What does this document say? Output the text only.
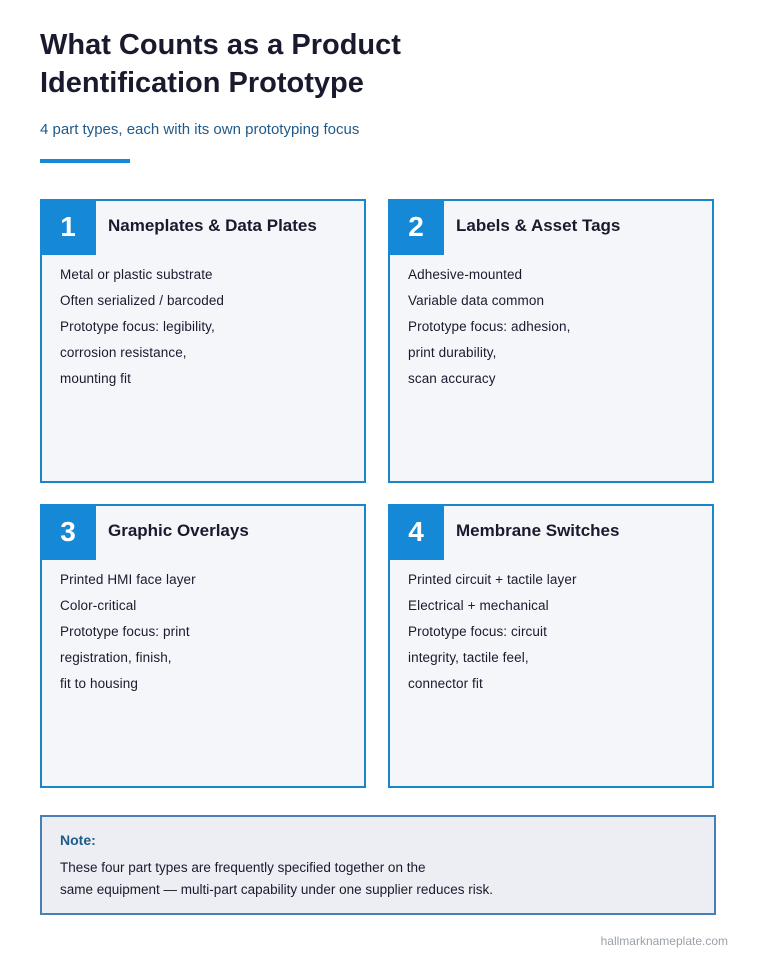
What Counts as a Product
Identification Prototype

4 part types, each with its own prototyping focus

1	Nameplates & Data Plates
Metal or plastic substrate
Often serialized / barcoded
Prototype focus: legibility,
corrosion resistance,
mounting fit
2	Labels & Asset Tags
Adhesive-mounted
Variable data common
Prototype focus: adhesion,
print durability,
scan accuracy
3	Graphic Overlays
Printed HMI face layer
Color-critical
Prototype focus: print
registration, finish,
fit to housing
4	Membrane Switches
Printed circuit + tactile layer
Electrical + mechanical
Prototype focus: circuit
integrity, tactile feel,
connector fit
Note:
These four part types are frequently specified together on the
same equipment — multi-part capability under one supplier reduces risk.
hallmarknameplate.com
